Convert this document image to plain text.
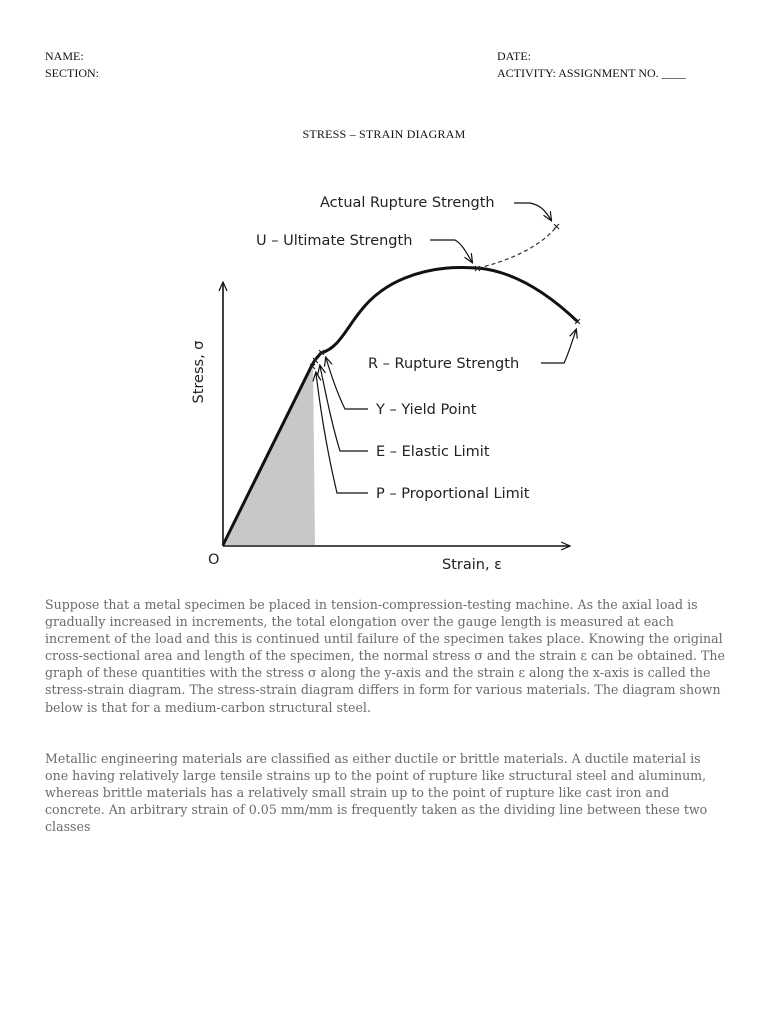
NAME:
SECTION:
DATE:
ACTIVITY: ASSIGNMENT NO. ____
STRESS – STRAIN DIAGRAM
Actual Rupture Strength
U – Ultimate Strength
R – Rupture Strength
Y – Yield Point
E – Elastic Limit
P – Proportional Limit
Stress, σ
Strain, ε
O

Suppose that a metal specimen be placed in tension-compression-testing machine. As the axial load is gradually increased in increments, the total elongation over the gauge length is measured at each increment of the load and this is continued until failure of the specimen takes place. Knowing the original cross-sectional area and length of the specimen, the normal stress σ and the strain ε can be obtained. The graph of these quantities with the stress σ along the y-axis and the strain ε along the x-axis is called the stress-strain diagram. The stress-strain diagram differs in form for various materials. The diagram shown below is that for a medium-carbon structural steel.

Metallic engineering materials are classified as either ductile or brittle materials. A ductile material is one having relatively large tensile strains up to the point of rupture like structural steel and aluminum, whereas brittle materials has a relatively small strain up to the point of rupture like cast iron and concrete. An arbitrary strain of 0.05 mm/mm is frequently taken as the dividing line between these two classes
